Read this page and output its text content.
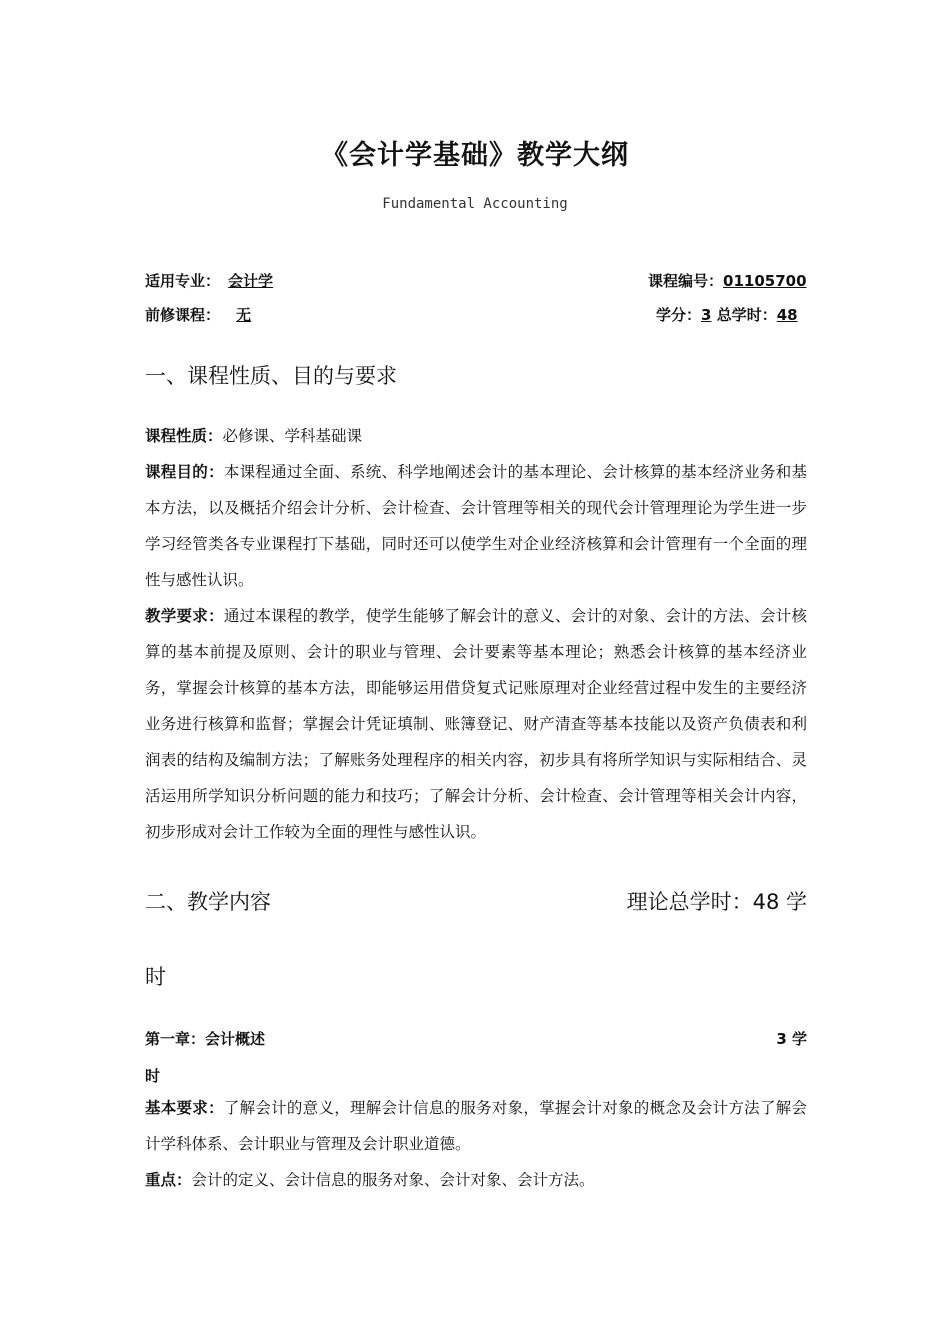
《会计学基础》教学大纲
Fundamental Accounting
适用专业： 会计学	课程编号：01105700
前修课程： 无	学分：3 总学时：48
一、课程性质、目的与要求
课程性质：必修课、学科基础课
课程目的：本课程通过全面、系统、科学地阐述会计的基本理论、会计核算的基本经济业务和基本方法，以及概括介绍会计分析、会计检查、会计管理等相关的现代会计管理理论为学生进一步学习经管类各专业课程打下基础，同时还可以使学生对企业经济核算和会计管理有一个全面的理性与感性认识。
教学要求：通过本课程的教学，使学生能够了解会计的意义、会计的对象、会计的方法、会计核算的基本前提及原则、会计的职业与管理、会计要素等基本理论；熟悉会计核算的基本经济业务，掌握会计核算的基本方法，即能够运用借贷复式记账原理对企业经营过程中发生的主要经济业务进行核算和监督；掌握会计凭证填制、账簿登记、财产清查等基本技能以及资产负债表和利润表的结构及编制方法；了解账务处理程序的相关内容，初步具有将所学知识与实际相结合、灵活运用所学知识分析问题的能力和技巧；了解会计分析、会计检查、会计管理等相关会计内容，初步形成对会计工作较为全面的理性与感性认识。
二、教学内容	理论总学时：48 学
时
第一章：会计概述	3 学
时
基本要求：了解会计的意义，理解会计信息的服务对象，掌握会计对象的概念及会计方法了解会计学科体系、会计职业与管理及会计职业道德。
重点：会计的定义、会计信息的服务对象、会计对象、会计方法。
